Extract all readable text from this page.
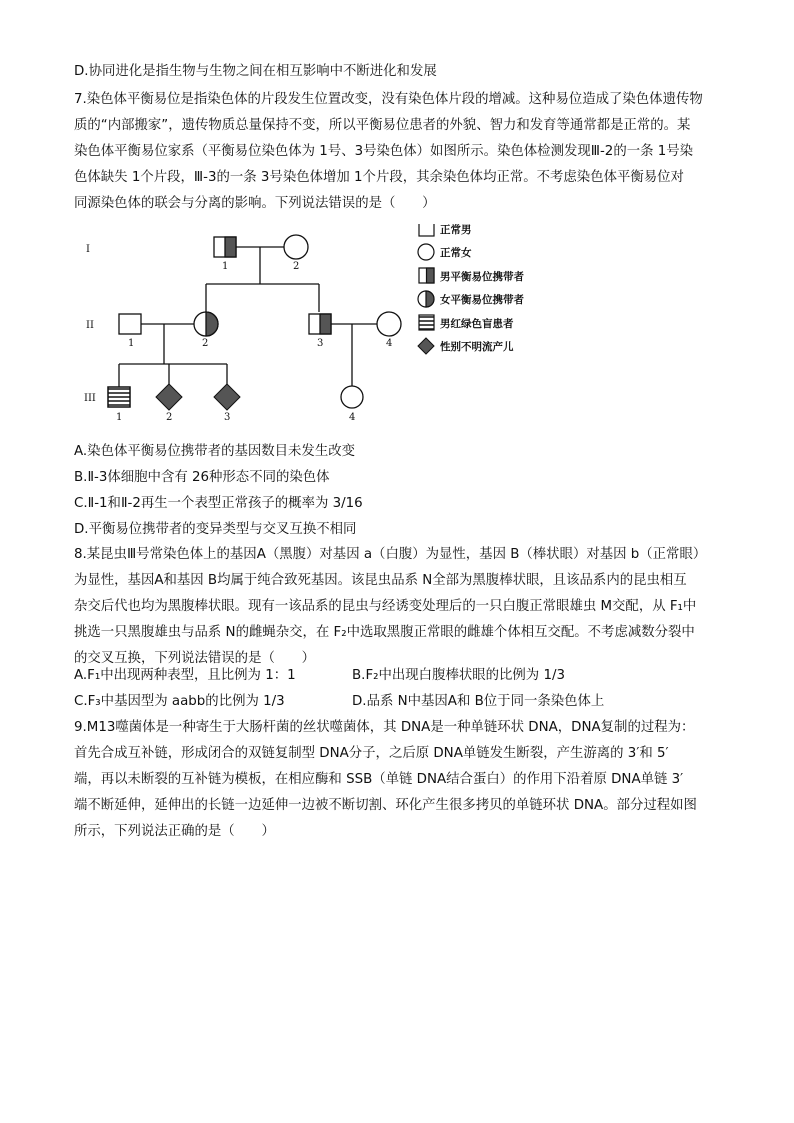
D.协同进化是指生物与生物之间在相互影响中不断进化和发展
7.染色体平衡易位是指染色体的片段发生位置改变，没有染色体片段的增减。这种易位造成了染色体遗传物
质的“内部搬家”，遗传物质总量保持不变，所以平衡易位患者的外貌、智力和发育等通常都是正常的。某
染色体平衡易位家系（平衡易位染色体为 1号、3号染色体）如图所示。染色体检测发现Ⅲ-2的一条 1号染
色体缺失 1个片段，Ⅲ-3的一条 3号染色体增加 1个片段，其余染色体均正常。不考虑染色体平衡易位对
同源染色体的联会与分离的影响。下列说法错误的是（　　）
I
II
III
1	2
1	2	3	4
1	2	3	4
正常男
正常女
男平衡易位携带者
女平衡易位携带者
男红绿色盲患者
性别不明流产儿
A.染色体平衡易位携带者的基因数目未发生改变
B.Ⅱ-3体细胞中含有 26种形态不同的染色体
C.Ⅱ-1和Ⅱ-2再生一个表型正常孩子的概率为 3/16
D.平衡易位携带者的变异类型与交叉互换不相同
8.某昆虫Ⅲ号常染色体上的基因A（黑腹）对基因 a（白腹）为显性，基因 B（棒状眼）对基因 b（正常眼）
为显性，基因A和基因 B均属于纯合致死基因。该昆虫品系 N全部为黑腹棒状眼，且该品系内的昆虫相互
杂交后代也均为黑腹棒状眼。现有一该品系的昆虫与经诱变处理后的一只白腹正常眼雄虫 M交配，从 F₁中
挑选一只黑腹雄虫与品系 N的雌蝇杂交，在 F₂中选取黑腹正常眼的雌雄个体相互交配。不考虑减数分裂中
的交叉互换，下列说法错误的是（　　）
A.F₁中出现两种表型，且比例为 1：1	B.F₂中出现白腹棒状眼的比例为 1/3
C.F₃中基因型为 aabb的比例为 1/3	D.品系 N中基因A和 B位于同一条染色体上
9.M13噬菌体是一种寄生于大肠杆菌的丝状噬菌体，其 DNA是一种单链环状 DNA，DNA复制的过程为：
首先合成互补链，形成闭合的双链复制型 DNA分子，之后原 DNA单链发生断裂，产生游离的 3′和 5′
端，再以未断裂的互补链为模板，在相应酶和 SSB（单链 DNA结合蛋白）的作用下沿着原 DNA单链 3′
端不断延伸，延伸出的长链一边延伸一边被不断切割、环化产生很多拷贝的单链环状 DNA。部分过程如图
所示，下列说法正确的是（　　）
